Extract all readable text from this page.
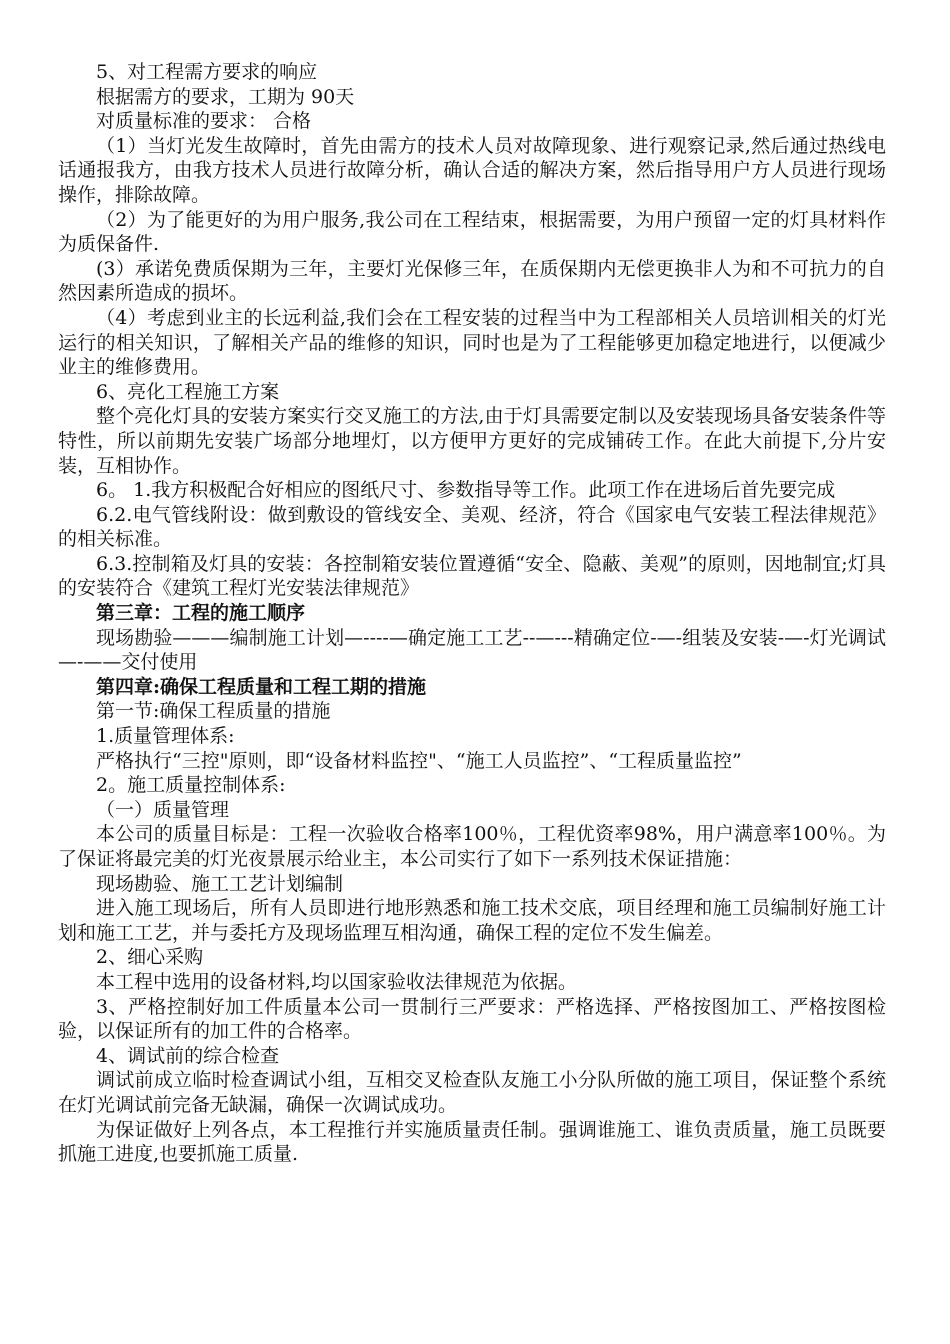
5、对工程需方要求的响应

根据需方的要求，工期为 90天

对质量标准的要求： 合格

（1）当灯光发生故障时，首先由需方的技术人员对故障现象、进行观察记录,然后通过热线电话通报我方，由我方技术人员进行故障分析，确认合适的解决方案，然后指导用户方人员进行现场操作，排除故障。

（2）为了能更好的为用户服务,我公司在工程结束，根据需要，为用户预留一定的灯具材料作为质保备件.

(3）承诺免费质保期为三年，主要灯光保修三年，在质保期内无偿更换非人为和不可抗力的自然因素所造成的损坏。

（4）考虑到业主的长远利益,我们会在工程安装的过程当中为工程部相关人员培训相关的灯光运行的相关知识，了解相关产品的维修的知识，同时也是为了工程能够更加稳定地进行，以便减少业主的维修费用。

6、亮化工程施工方案

整个亮化灯具的安装方案实行交叉施工的方法,由于灯具需要定制以及安装现场具备安装条件等特性，所以前期先安装广场部分地埋灯，以方便甲方更好的完成铺砖工作。在此大前提下,分片安装，互相协作。

6。 1.我方积极配合好相应的图纸尺寸、参数指导等工作。此项工作在进场后首先要完成

6.2.电气管线附设：做到敷设的管线安全、美观、经济，符合《国家电气安装工程法律规范》的相关标准。

6.3.控制箱及灯具的安装：各控制箱安装位置遵循“安全、隐蔽、美观”的原则，因地制宜;灯具的安装符合《建筑工程灯光安装法律规范》

第三章：工程的施工顺序

现场勘验———编制施工计划—----—确定施工工艺--—---精确定位-—-组装及安装-—-灯光调试—-——交付使用

第四章:确保工程质量和工程工期的措施

第一节:确保工程质量的措施

1.质量管理体系:

严格执行“三控"原则，即“设备材料监控"、“施工人员监控”、“工程质量监控”

2。施工质量控制体系:

（一）质量管理

本公司的质量目标是：工程一次验收合格率100％，工程优资率98%，用户满意率100％。为了保证将最完美的灯光夜景展示给业主，本公司实行了如下一系列技术保证措施：

现场勘验、施工工艺计划编制

进入施工现场后，所有人员即进行地形熟悉和施工技术交底，项目经理和施工员编制好施工计划和施工工艺，并与委托方及现场监理互相沟通，确保工程的定位不发生偏差。

2、细心采购

本工程中选用的设备材料,均以国家验收法律规范为依据。

3、严格控制好加工件质量本公司一贯制行三严要求：严格选择、严格按图加工、严格按图检验，以保证所有的加工件的合格率。

4、调试前的综合检查

调试前成立临时检查调试小组，互相交叉检查队友施工小分队所做的施工项目，保证整个系统在灯光调试前完备无缺漏，确保一次调试成功。

为保证做好上列各点，本工程推行并实施质量责任制。强调谁施工、谁负责质量，施工员既要抓施工进度,也要抓施工质量.
